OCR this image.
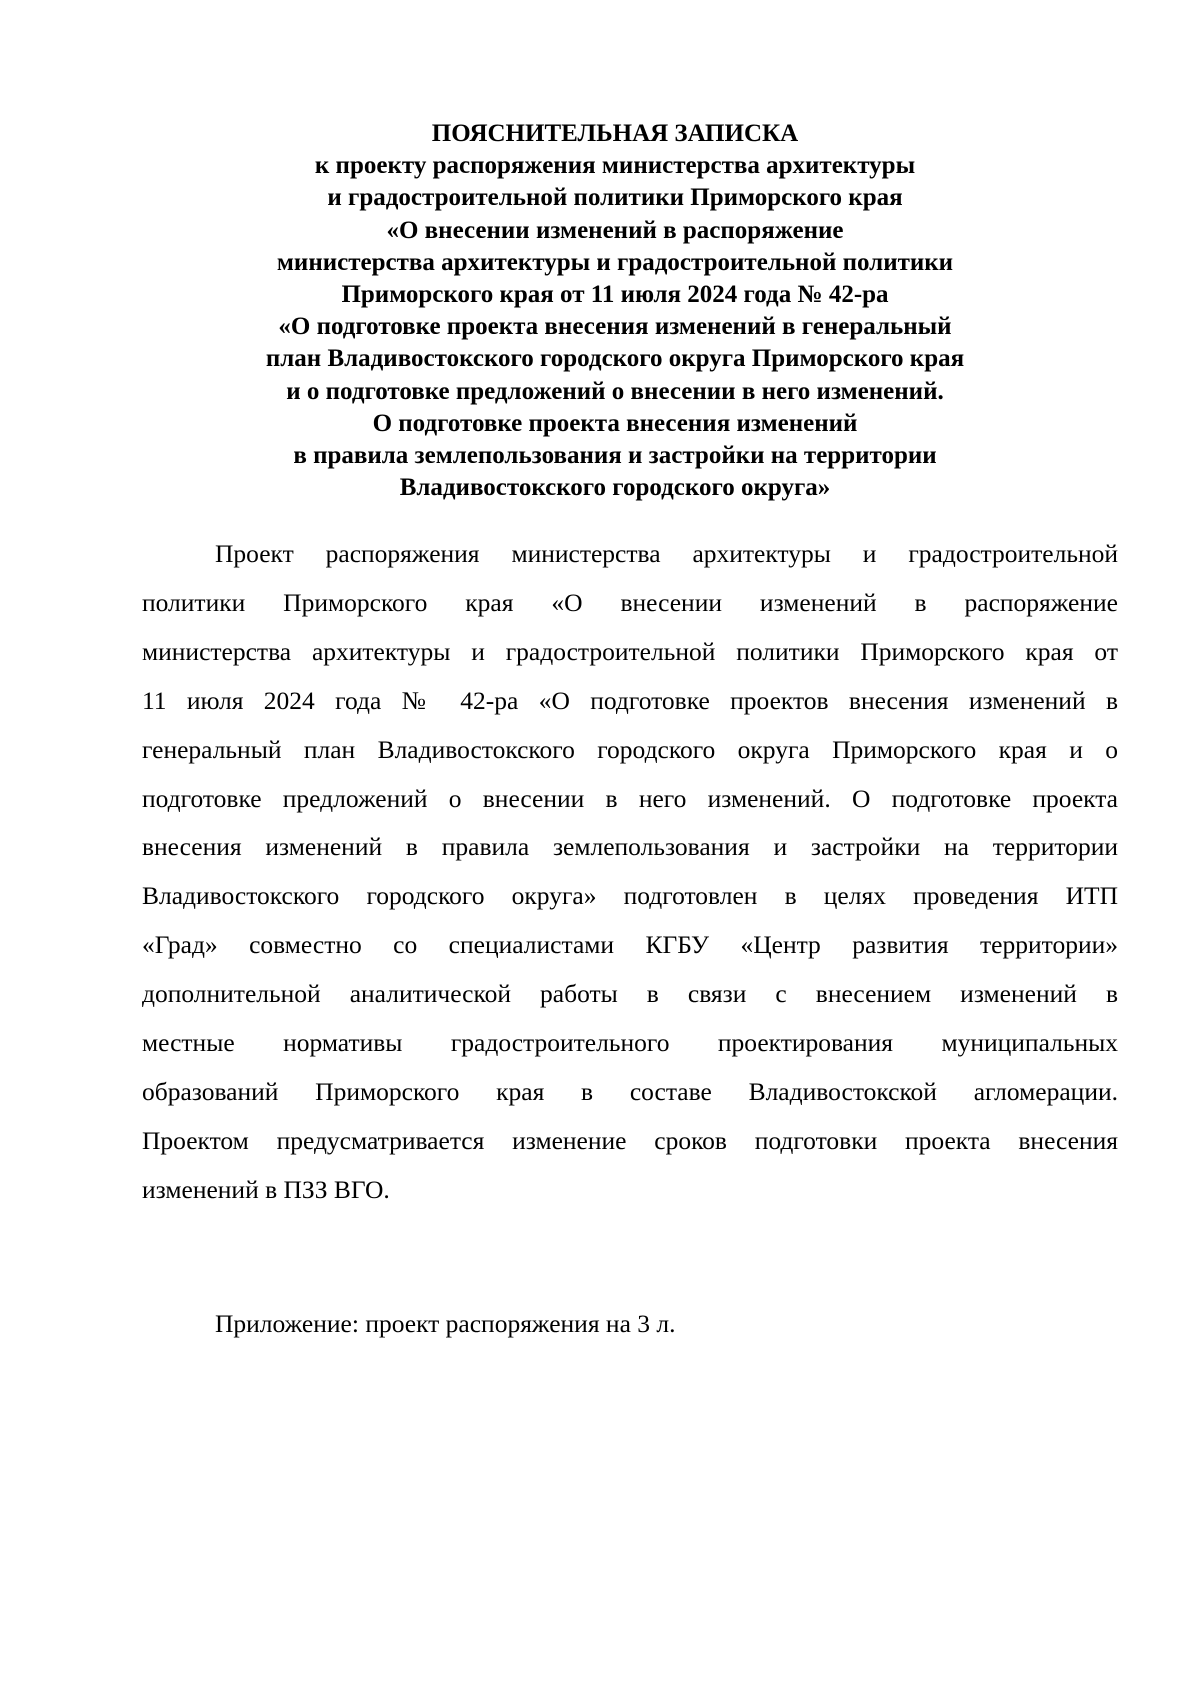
ПОЯСНИТЕЛЬНАЯ ЗАПИСКА
к проекту распоряжения министерства архитектуры
и градостроительной политики Приморского края
«О внесении изменений в распоряжение
министерства архитектуры и градостроительной политики
Приморского края от 11 июля 2024 года № 42-ра
«О подготовке проекта внесения изменений в генеральный
план Владивостокского городского округа Приморского края
и о подготовке предложений о внесении в него изменений.
О подготовке проекта внесения изменений
в правила землепользования и застройки на территории
Владивостокского городского округа»
Проект распоряжения министерства архитектуры и градостроительной
политики Приморского края «О внесении изменений в распоряжение
министерства архитектуры и градостроительной политики Приморского края от
11 июля 2024 года № 42-ра «О подготовке проектов внесения изменений в
генеральный план Владивостокского городского округа Приморского края и о
подготовке предложений о внесении в него изменений. О подготовке проекта
внесения изменений в правила землепользования и застройки на территории
Владивостокского городского округа» подготовлен в целях проведения ИТП
«Град» совместно со специалистами КГБУ «Центр развития территории»
дополнительной аналитической работы в связи с внесением изменений в
местные нормативы градостроительного проектирования муниципальных
образований Приморского края в составе Владивостокской агломерации.
Проектом предусматривается изменение сроков подготовки проекта внесения
изменений в ПЗЗ ВГО.
Приложение: проект распоряжения на 3 л.
